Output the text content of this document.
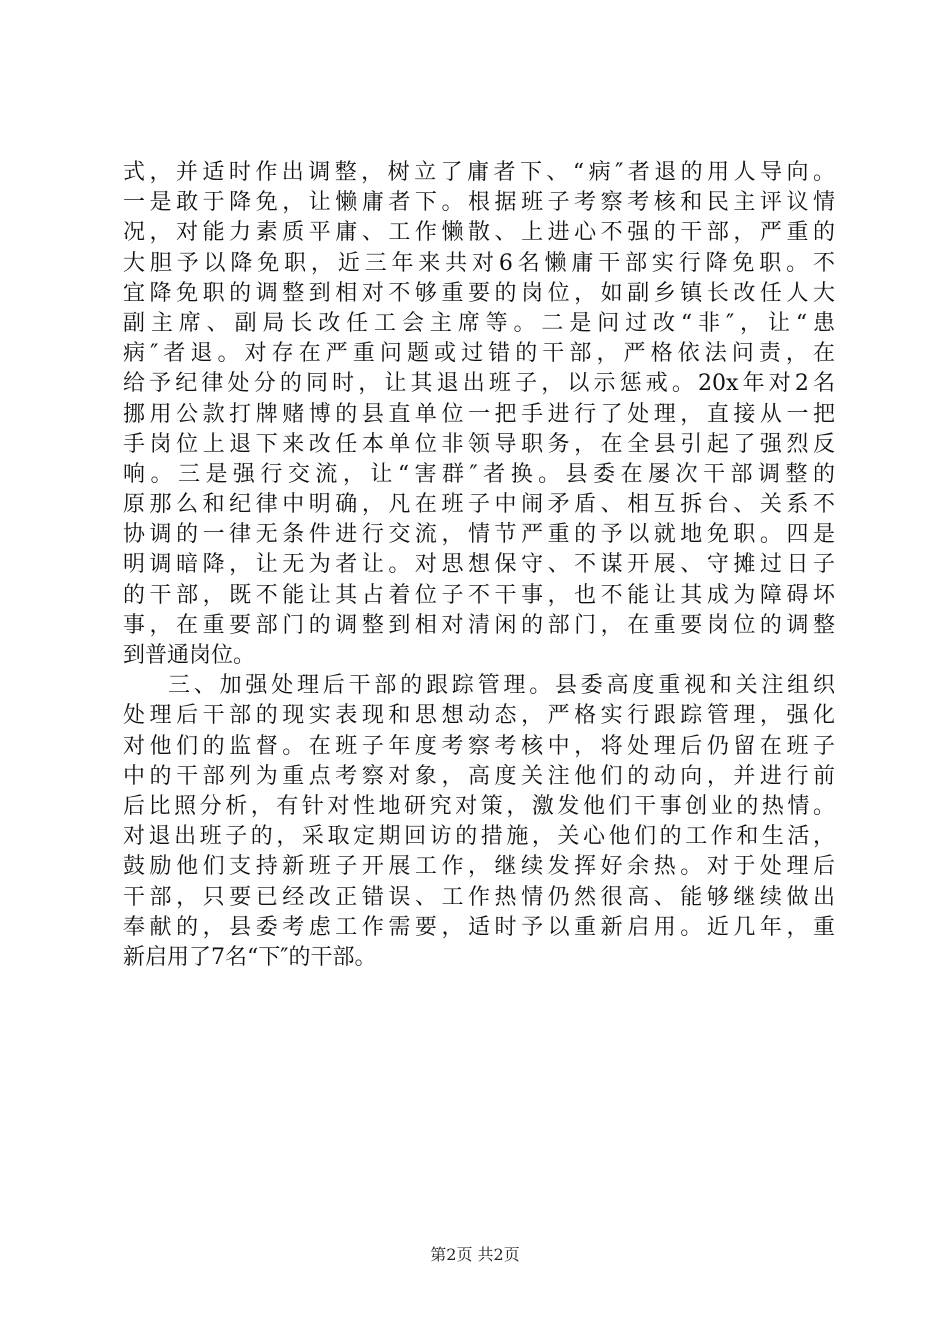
式，并适时作出调整，树立了庸者下、“病″者退的用人导向。
一是敢于降免，让懒庸者下。根据班子考察考核和民主评议情
况，对能力素质平庸、工作懒散、上进心不强的干部，严重的
大胆予以降免职，近三年来共对6名懒庸干部实行降免职。不
宜降免职的调整到相对不够重要的岗位，如副乡镇长改任人大
副主席、副局长改任工会主席等。二是问过改“非″，让“患
病″者退。对存在严重问题或过错的干部，严格依法问责，在
给予纪律处分的同时，让其退出班子，以示惩戒。20x年对2名
挪用公款打牌赌博的县直单位一把手进行了处理，直接从一把
手岗位上退下来改任本单位非领导职务，在全县引起了强烈反
响。三是强行交流，让“害群″者换。县委在屡次干部调整的
原那么和纪律中明确，凡在班子中闹矛盾、相互拆台、关系不
协调的一律无条件进行交流，情节严重的予以就地免职。四是
明调暗降，让无为者让。对思想保守、不谋开展、守摊过日子
的干部，既不能让其占着位子不干事，也不能让其成为障碍坏
事，在重要部门的调整到相对清闲的部门，在重要岗位的调整
到普通岗位。
三、加强处理后干部的跟踪管理。县委高度重视和关注组织
处理后干部的现实表现和思想动态，严格实行跟踪管理，强化
对他们的监督。在班子年度考察考核中，将处理后仍留在班子
中的干部列为重点考察对象，高度关注他们的动向，并进行前
后比照分析，有针对性地研究对策，激发他们干事创业的热情。
对退出班子的，采取定期回访的措施，关心他们的工作和生活，
鼓励他们支持新班子开展工作，继续发挥好余热。对于处理后
干部，只要已经改正错误、工作热情仍然很高、能够继续做出
奉献的，县委考虑工作需要，适时予以重新启用。近几年，重
新启用了7名“下″的干部。
第2页 共2页
